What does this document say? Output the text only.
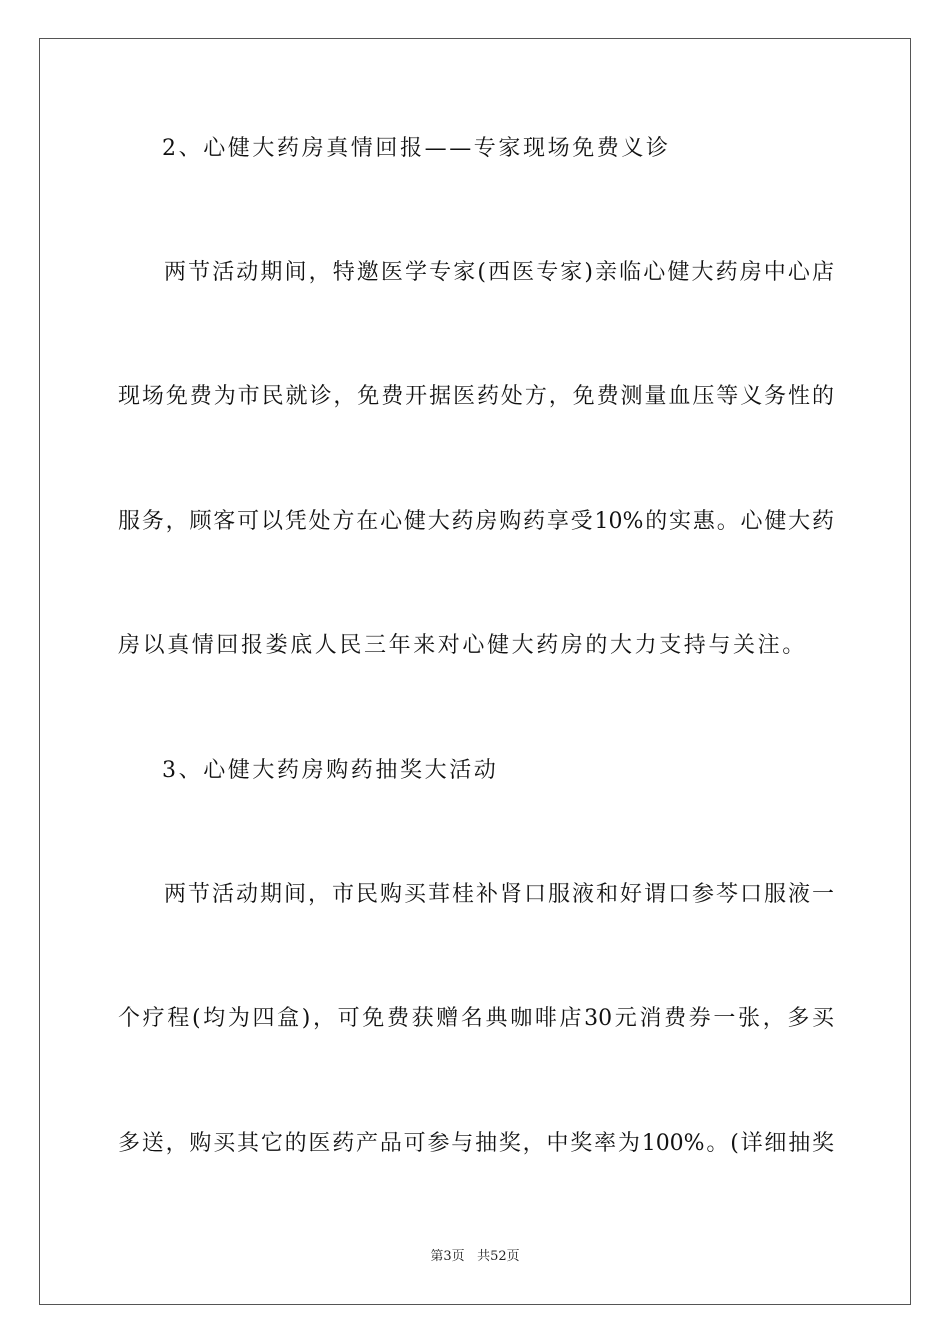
2、心健大药房真情回报——专家现场免费义诊
两节活动期间，特邀医学专家(西医专家)亲临心健大药房中心店
现场免费为市民就诊，免费开据医药处方，免费测量血压等义务性的
服务，顾客可以凭处方在心健大药房购药享受10%的实惠。心健大药
房以真情回报娄底人民三年来对心健大药房的大力支持与关注。
3、心健大药房购药抽奖大活动
两节活动期间，市民购买茸桂补肾口服液和好谓口参芩口服液一
个疗程(均为四盒)，可免费获赠名典咖啡店30元消费券一张，多买
多送，购买其它的医药产品可参与抽奖，中奖率为100%。(详细抽奖
第3页 共52页
